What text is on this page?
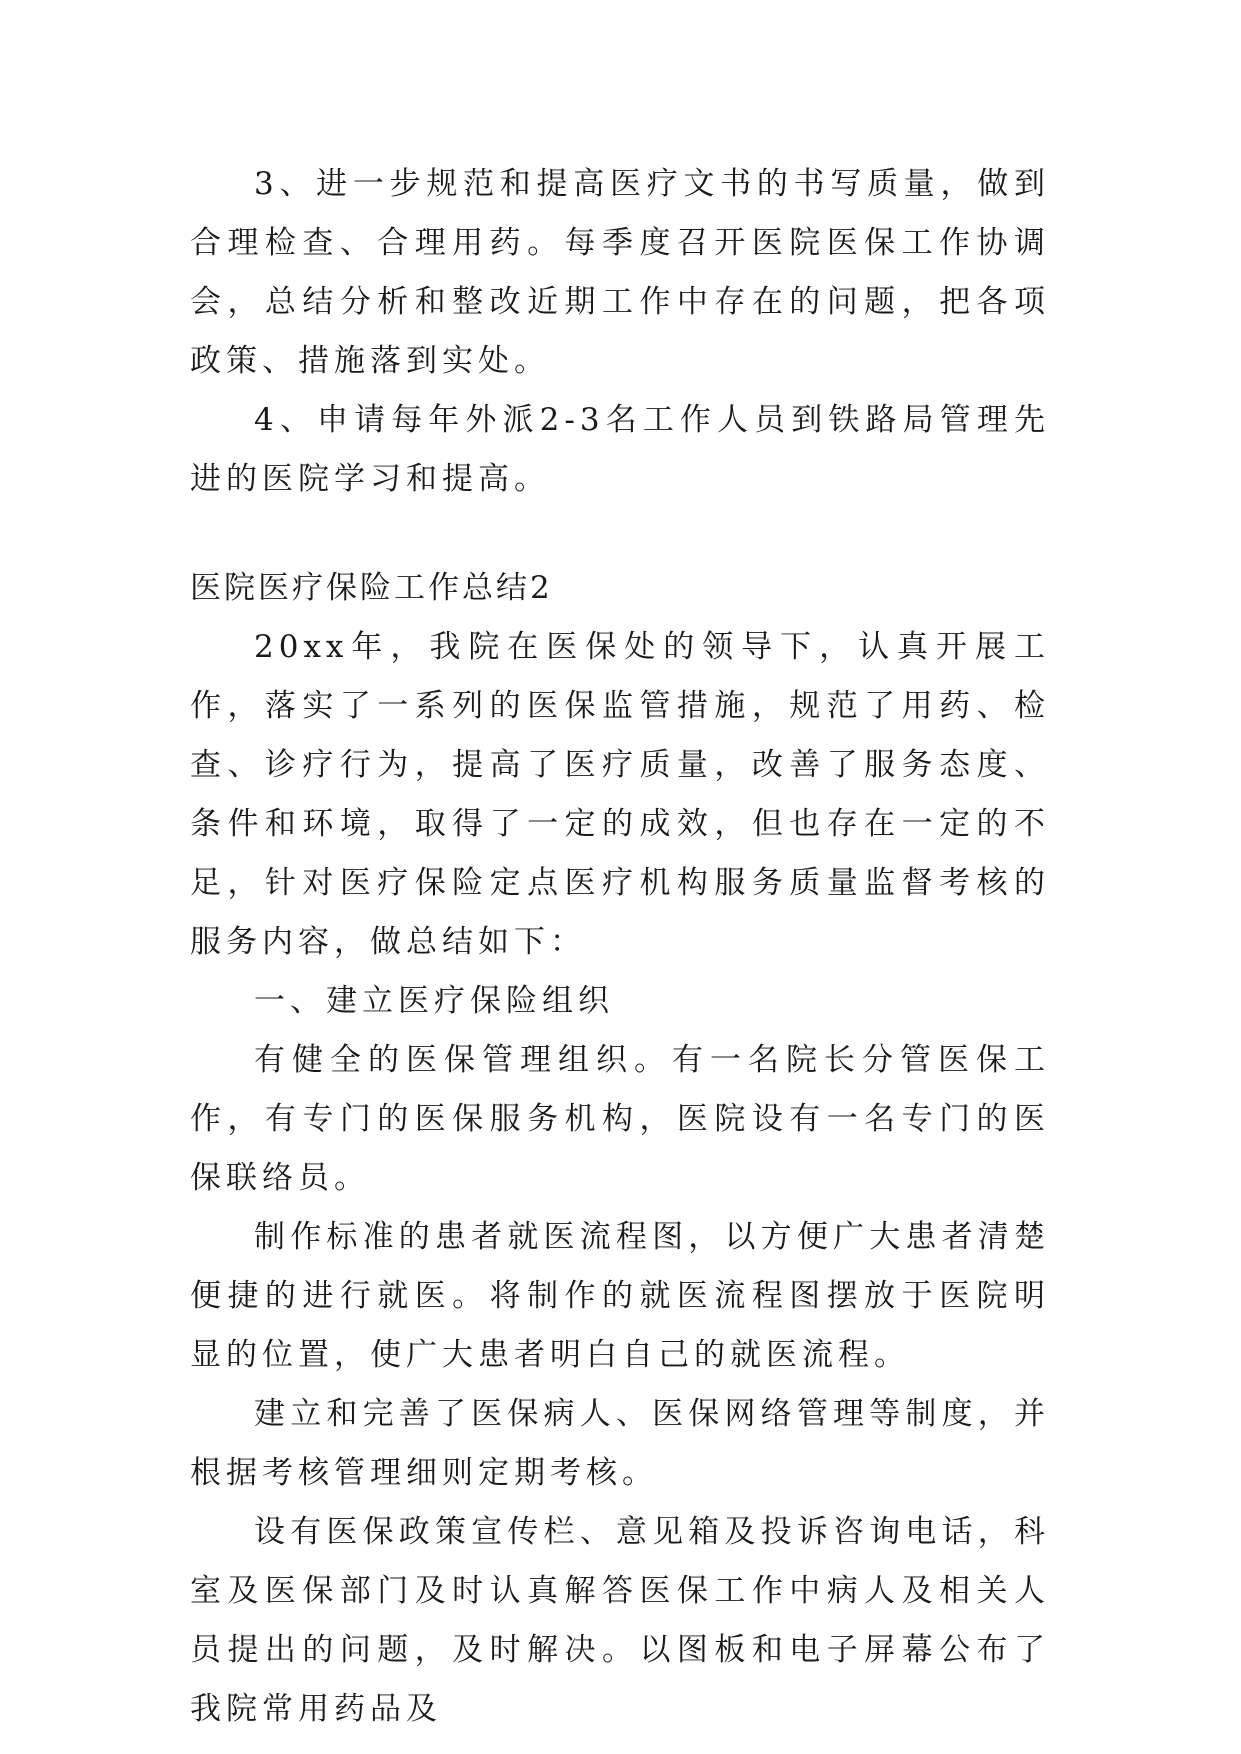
3、进一步规范和提高医疗文书的书写质量，做到合理检查、合理用药。每季度召开医院医保工作协调会，总结分析和整改近期工作中存在的问题，把各项政策、措施落到实处。

4、申请每年外派2-3名工作人员到铁路局管理先进的医院学习和提高。

医院医疗保险工作总结2

20xx年，我院在医保处的领导下，认真开展工作，落实了一系列的医保监管措施，规范了用药、检查、诊疗行为，提高了医疗质量，改善了服务态度、条件和环境，取得了一定的成效，但也存在一定的不足，针对医疗保险定点医疗机构服务质量监督考核的服务内容，做总结如下：

一、建立医疗保险组织

有健全的医保管理组织。有一名院长分管医保工作，有专门的医保服务机构，医院设有一名专门的医保联络员。

制作标准的患者就医流程图，以方便广大患者清楚便捷的进行就医。将制作的就医流程图摆放于医院明显的位置，使广大患者明白自己的就医流程。

建立和完善了医保病人、医保网络管理等制度，并根据考核管理细则定期考核。

设有医保政策宣传栏、意见箱及投诉咨询电话，科室及医保部门及时认真解答医保工作中病人及相关人员提出的问题，及时解决。以图板和电子屏幕公布了我院常用药品及
